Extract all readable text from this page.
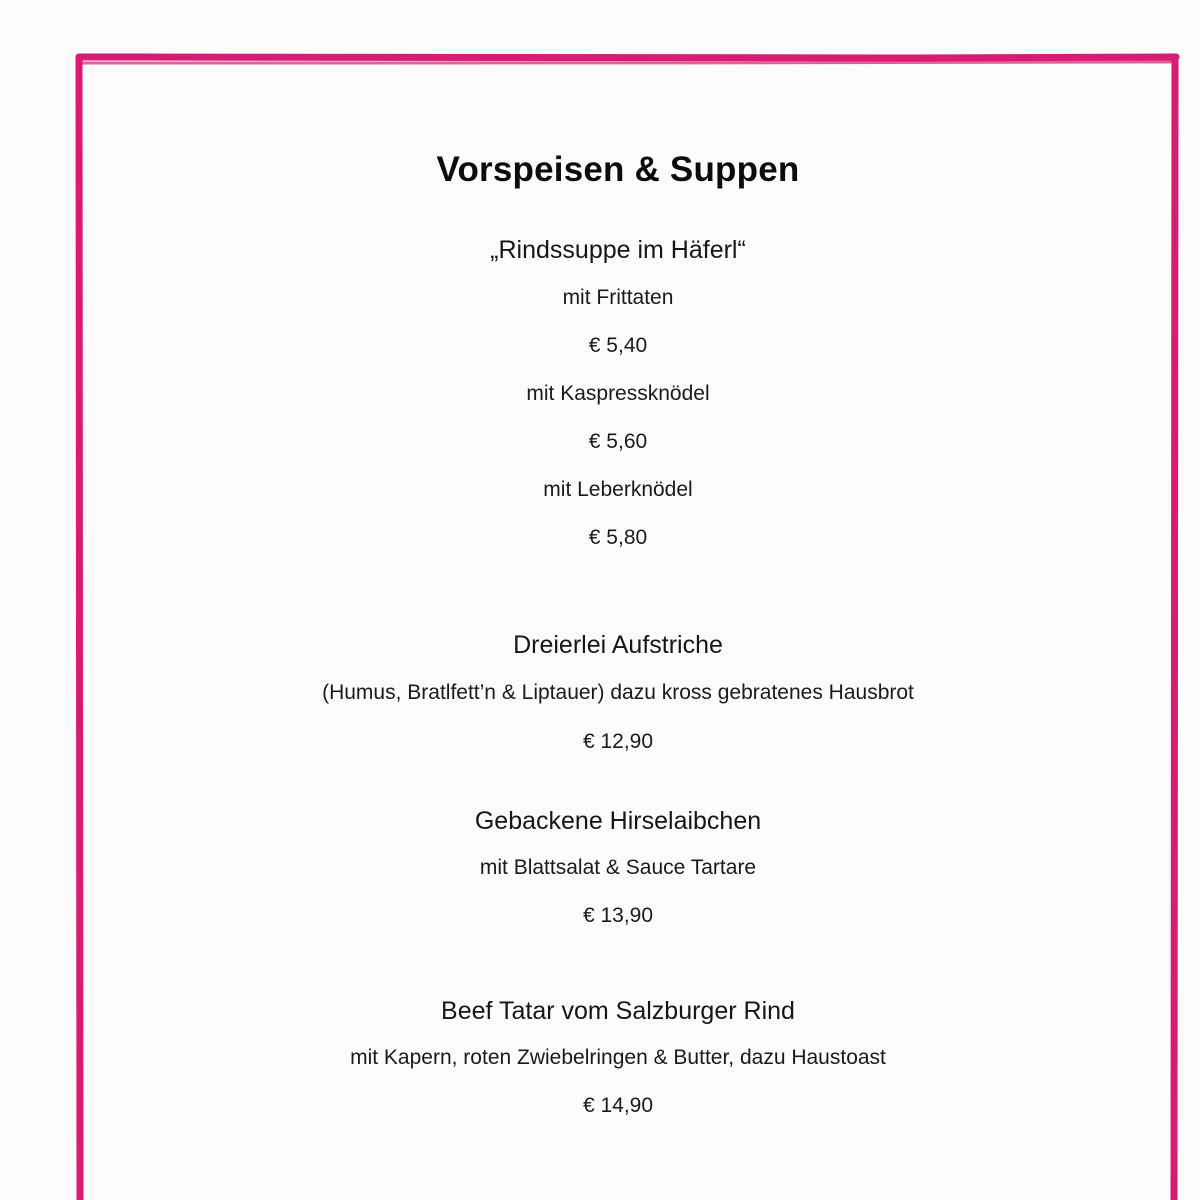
Vorspeisen & Suppen

„Rindssuppe im Häferl“

mit Frittaten

€ 5,40

mit Kaspressknödel

€ 5,60

mit Leberknödel

€ 5,80

Dreierlei Aufstriche

(Humus, Bratlfett’n & Liptauer) dazu kross gebratenes Hausbrot

€ 12,90

Gebackene Hirselaibchen

mit Blattsalat & Sauce Tartare

€ 13,90

Beef Tatar vom Salzburger Rind

mit Kapern, roten Zwiebelringen & Butter, dazu Haustoast

€ 14,90
